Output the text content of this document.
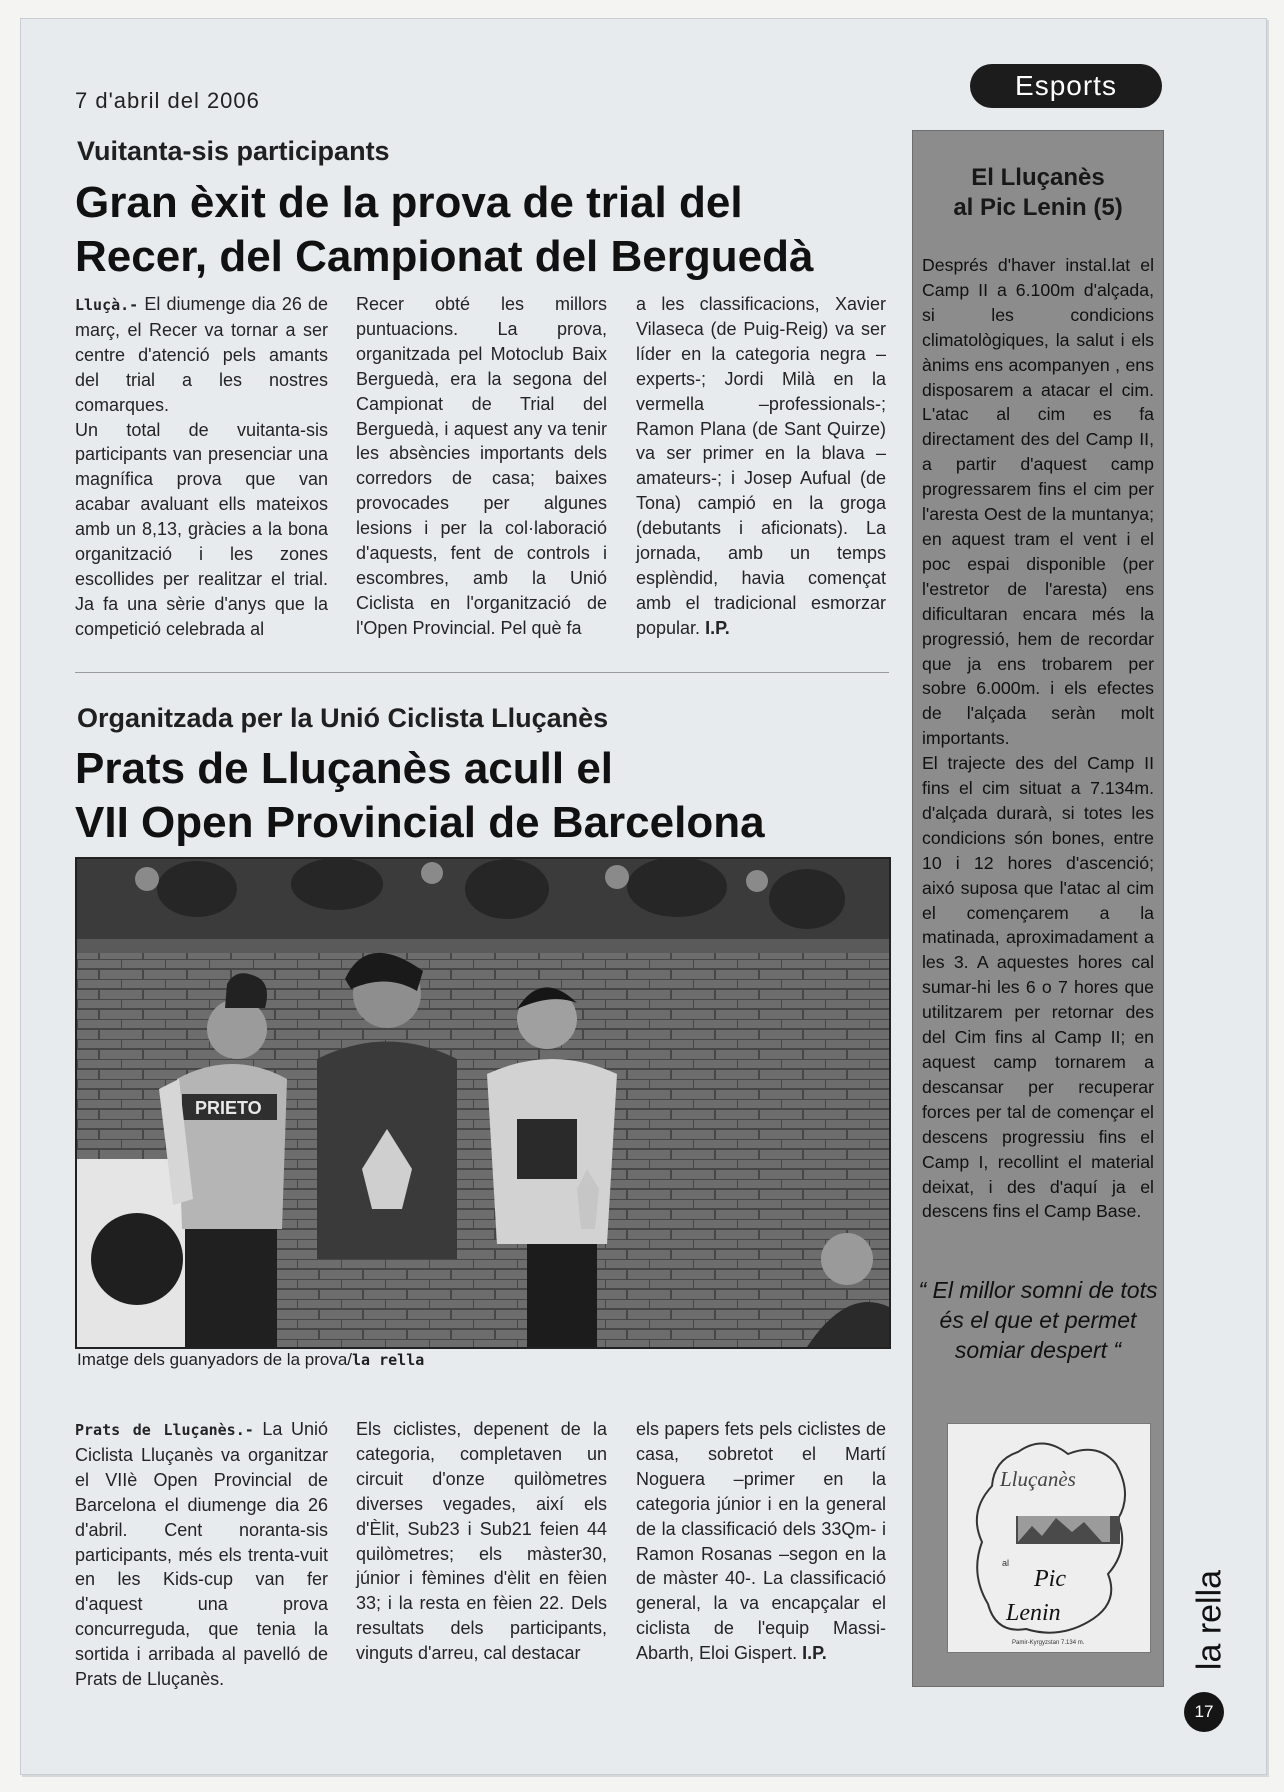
7 d'abril del 2006	Esports
Vuitanta-sis participants
Gran èxit de la prova de trial del
Recer, del Campionat del Berguedà

Lluçà.- El diumenge dia 26 de març, el Recer va tornar a ser centre d'atenció pels amants del trial a les nostres comarques.

Un total de vuitanta-sis participants van presenciar una magnífica prova que van acabar avaluant ells mateixos amb un 8,13, gràcies a la bona organització i les zones escollides per realitzar el trial. Ja fa una sèrie d'anys que la competició celebrada al

Recer obté les millors puntuacions. La prova, organitzada pel Motoclub Baix Berguedà, era la segona del Campionat de Trial del Berguedà, i aquest any va tenir les absències importants dels corredors de casa; baixes provocades per algunes lesions i per la col·laboració d'aquests, fent de controls i escombres, amb la Unió Ciclista en l'organització de l'Open Provincial. Pel què fa

a les classificacions, Xavier Vilaseca (de Puig-Reig) va ser líder en la categoria negra –experts-; Jordi Milà en la vermella –professionals-; Ramon Plana (de Sant Quirze) va ser primer en la blava –amateurs-; i Josep Aufual (de Tona) campió en la groga (debutants i aficionats). La jornada, amb un temps esplèndid, havia començat amb el tradicional esmorzar popular. I.P.

Organitzada per la Unió Ciclista Lluçanès
Prats de Lluçanès acull el
VII Open Provincial de Barcelona
PRIETO
Imatge dels guanyadors de la prova/la rella

Prats de Lluçanès.- La Unió Ciclista Lluçanès va organitzar el VIIè Open Provincial de Barcelona el diumenge dia 26 d'abril. Cent noranta-sis participants, més els trenta-vuit en les Kids-cup van fer d'aquest una prova concurreguda, que tenia la sortida i arribada al pavelló de Prats de Lluçanès.

Els ciclistes, depenent de la categoria, completaven un circuit d'onze quilòmetres diverses vegades, així els d'Èlit, Sub23 i Sub21 feien 44 quilòmetres; els màster30, júnior i fèmines d'èlit en fèien 33; i la resta en fèien 22. Dels resultats dels participants, vinguts d'arreu, cal destacar

els papers fets pels ciclistes de casa, sobretot el Martí Noguera –primer en la categoria júnior i en la general de la classificació dels 33Qm- i Ramon Rosanas –segon en la de màster 40-. La classificació general, la va encapçalar el ciclista de l'equip Massi-Abarth, Eloi Gispert. I.P.

El Lluçanès
al Pic Lenin (5)

Després d'haver instal.lat el Camp II a 6.100m d'alçada, si les condicions climatològiques, la salut i els ànims ens acompanyen , ens disposarem a atacar el cim. L'atac al cim es fa directament des del Camp II, a partir d'aquest camp progressarem fins el cim per l'aresta Oest de la muntanya; en aquest tram el vent i el poc espai disponible (per l'estretor de l'aresta) ens dificultaran encara més la progressió, hem de recordar que ja ens trobarem per sobre 6.000m. i els efectes de l'alçada seràn molt importants.

El trajecte des del Camp II fins el cim situat a 7.134m. d'alçada durarà, si totes les condicions són bones, entre 10 i 12 hores d'ascenció; aixó suposa que l'atac al cim el començarem a la matinada, aproximadament a les 3. A aquestes hores cal sumar-hi les 6 o 7 hores que utilitzarem per retornar des del Cim fins al Camp II; en aquest camp tornarem a descansar per recuperar forces per tal de començar el descens progressiu fins el Camp I, recollint el material deixat, i des d'aquí ja el descens fins el Camp Base.

“ El millor somni de tots és el que et permet somiar despert “
Lluçanès
al
Pic
Lenin
Pamir-Kyrgyzstan 7.134 m.	la rella
17
